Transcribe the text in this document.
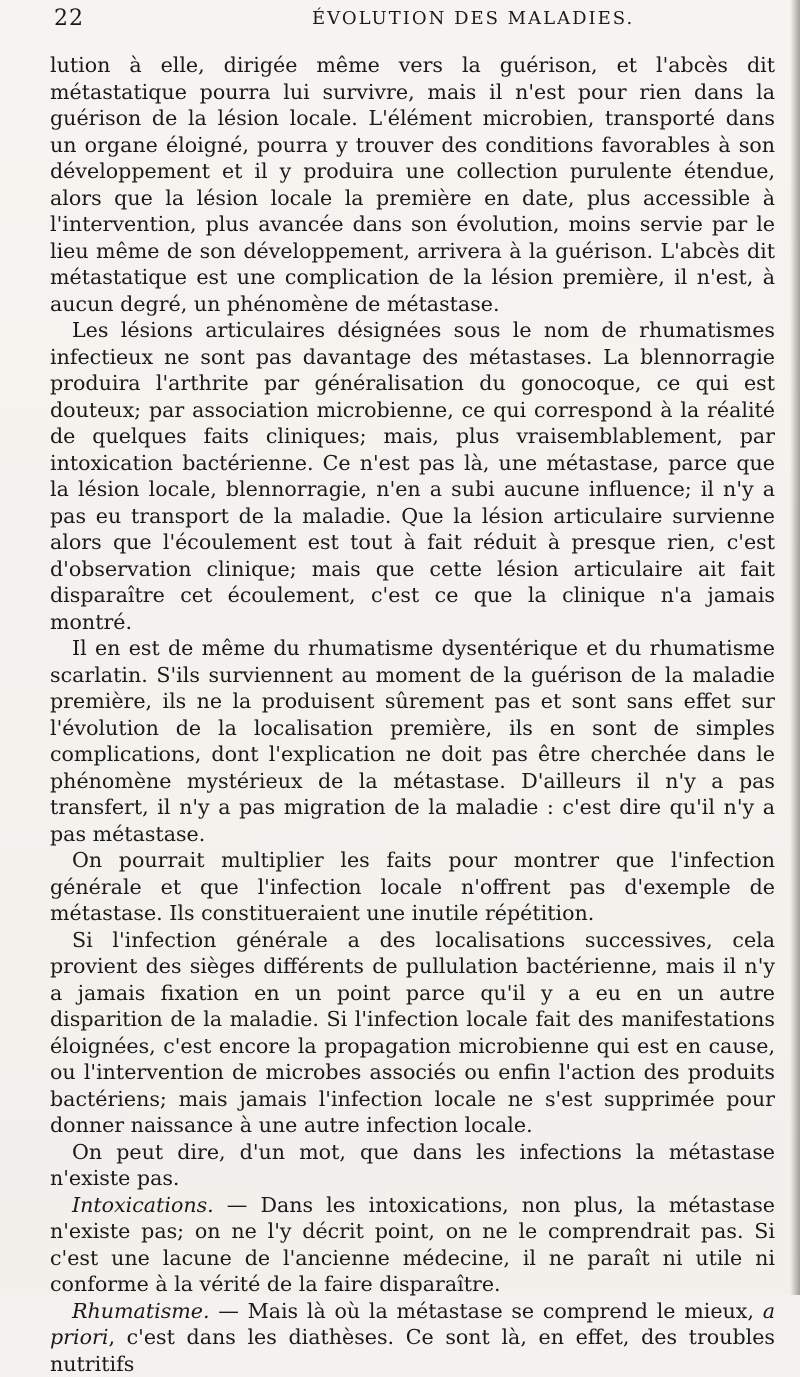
22	ÉVOLUTION DES MALADIES.

lution à elle, dirigée même vers la guérison, et l'abcès dit métastatique pourra lui survivre, mais il n'est pour rien dans la guérison de la lésion locale. L'élément microbien, transporté dans un organe éloigné, pourra y trouver des conditions favorables à son développement et il y produira une collection purulente étendue, alors que la lésion locale la première en date, plus accessible à l'intervention, plus avancée dans son évolution, moins servie par le lieu même de son développement, arrivera à la guérison. L'abcès dit métastatique est une complication de la lésion première, il n'est, à aucun degré, un phénomène de métastase.

Les lésions articulaires désignées sous le nom de rhumatismes infectieux ne sont pas davantage des métastases. La blennorragie produira l'arthrite par généralisation du gonocoque, ce qui est douteux; par association microbienne, ce qui correspond à la réalité de quelques faits cliniques; mais, plus vraisemblablement, par intoxication bactérienne. Ce n'est pas là, une métastase, parce que la lésion locale, blennorragie, n'en a subi aucune influence; il n'y a pas eu transport de la maladie. Que la lésion articulaire survienne alors que l'écoulement est tout à fait réduit à presque rien, c'est d'observation clinique; mais que cette lésion articulaire ait fait disparaître cet écoulement, c'est ce que la clinique n'a jamais montré.

Il en est de même du rhumatisme dysentérique et du rhumatisme scarlatin. S'ils surviennent au moment de la guérison de la maladie première, ils ne la produisent sûrement pas et sont sans effet sur l'évolution de la localisation première, ils en sont de simples complications, dont l'explication ne doit pas être cherchée dans le phénomène mystérieux de la métastase. D'ailleurs il n'y a pas transfert, il n'y a pas migration de la maladie : c'est dire qu'il n'y a pas métastase.

On pourrait multiplier les faits pour montrer que l'infection générale et que l'infection locale n'offrent pas d'exemple de métastase. Ils constitueraient une inutile répétition.

Si l'infection générale a des localisations successives, cela provient des sièges différents de pullulation bactérienne, mais il n'y a jamais fixation en un point parce qu'il y a eu en un autre disparition de la maladie. Si l'infection locale fait des manifestations éloignées, c'est encore la propagation microbienne qui est en cause, ou l'intervention de microbes associés ou enfin l'action des produits bactériens; mais jamais l'infection locale ne s'est supprimée pour donner naissance à une autre infection locale.

On peut dire, d'un mot, que dans les infections la métastase n'existe pas.

Intoxications. — Dans les intoxications, non plus, la métastase n'existe pas; on ne l'y décrit point, on ne le comprendrait pas. Si c'est une lacune de l'ancienne médecine, il ne paraît ni utile ni conforme à la vérité de la faire disparaître.

Rhumatisme. — Mais là où la métastase se comprend le mieux, a priori, c'est dans les diathèses. Ce sont là, en effet, des troubles nutritifs
